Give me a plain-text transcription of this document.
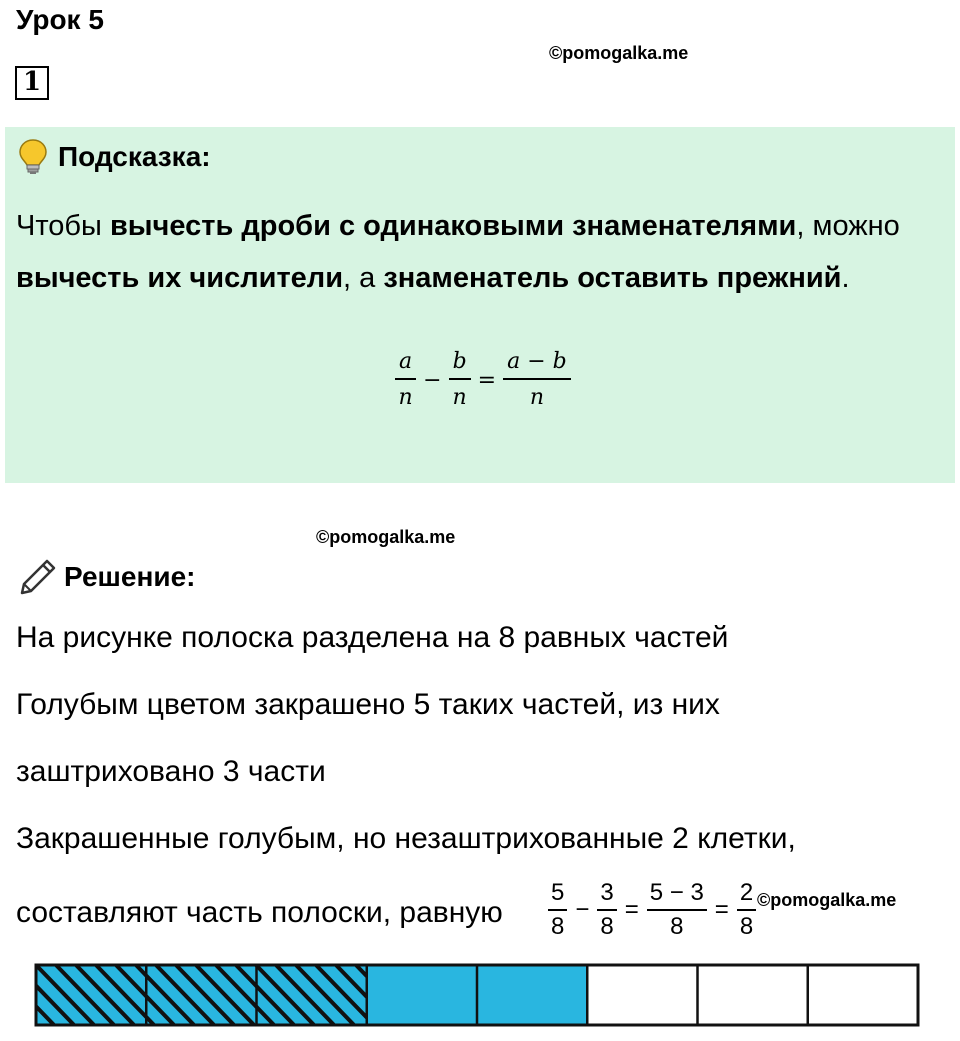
Урок 5
©pomogalka.me
1
Подсказка:
Чтобы вычесть дроби с одинаковыми знаменателями, можно вычесть их числители, а знаменатель оставить прежний.
$\frac{a}{n} - \frac{b}{n} = \frac{a - b}{n}$
©pomogalka.me
Решение:
На рисунке полоска разделена на 8 равных частей
Голубым цветом закрашено 5 таких частей, из них
заштриховано 3 части
Закрашенные голубым, но незаштрихованные 2 клетки,
составляют часть полоски, равную $\frac{5}{8} - \frac{3}{8} = \frac{5 - 3}{8} = \frac{2}{8}$ ©pomogalka.me
